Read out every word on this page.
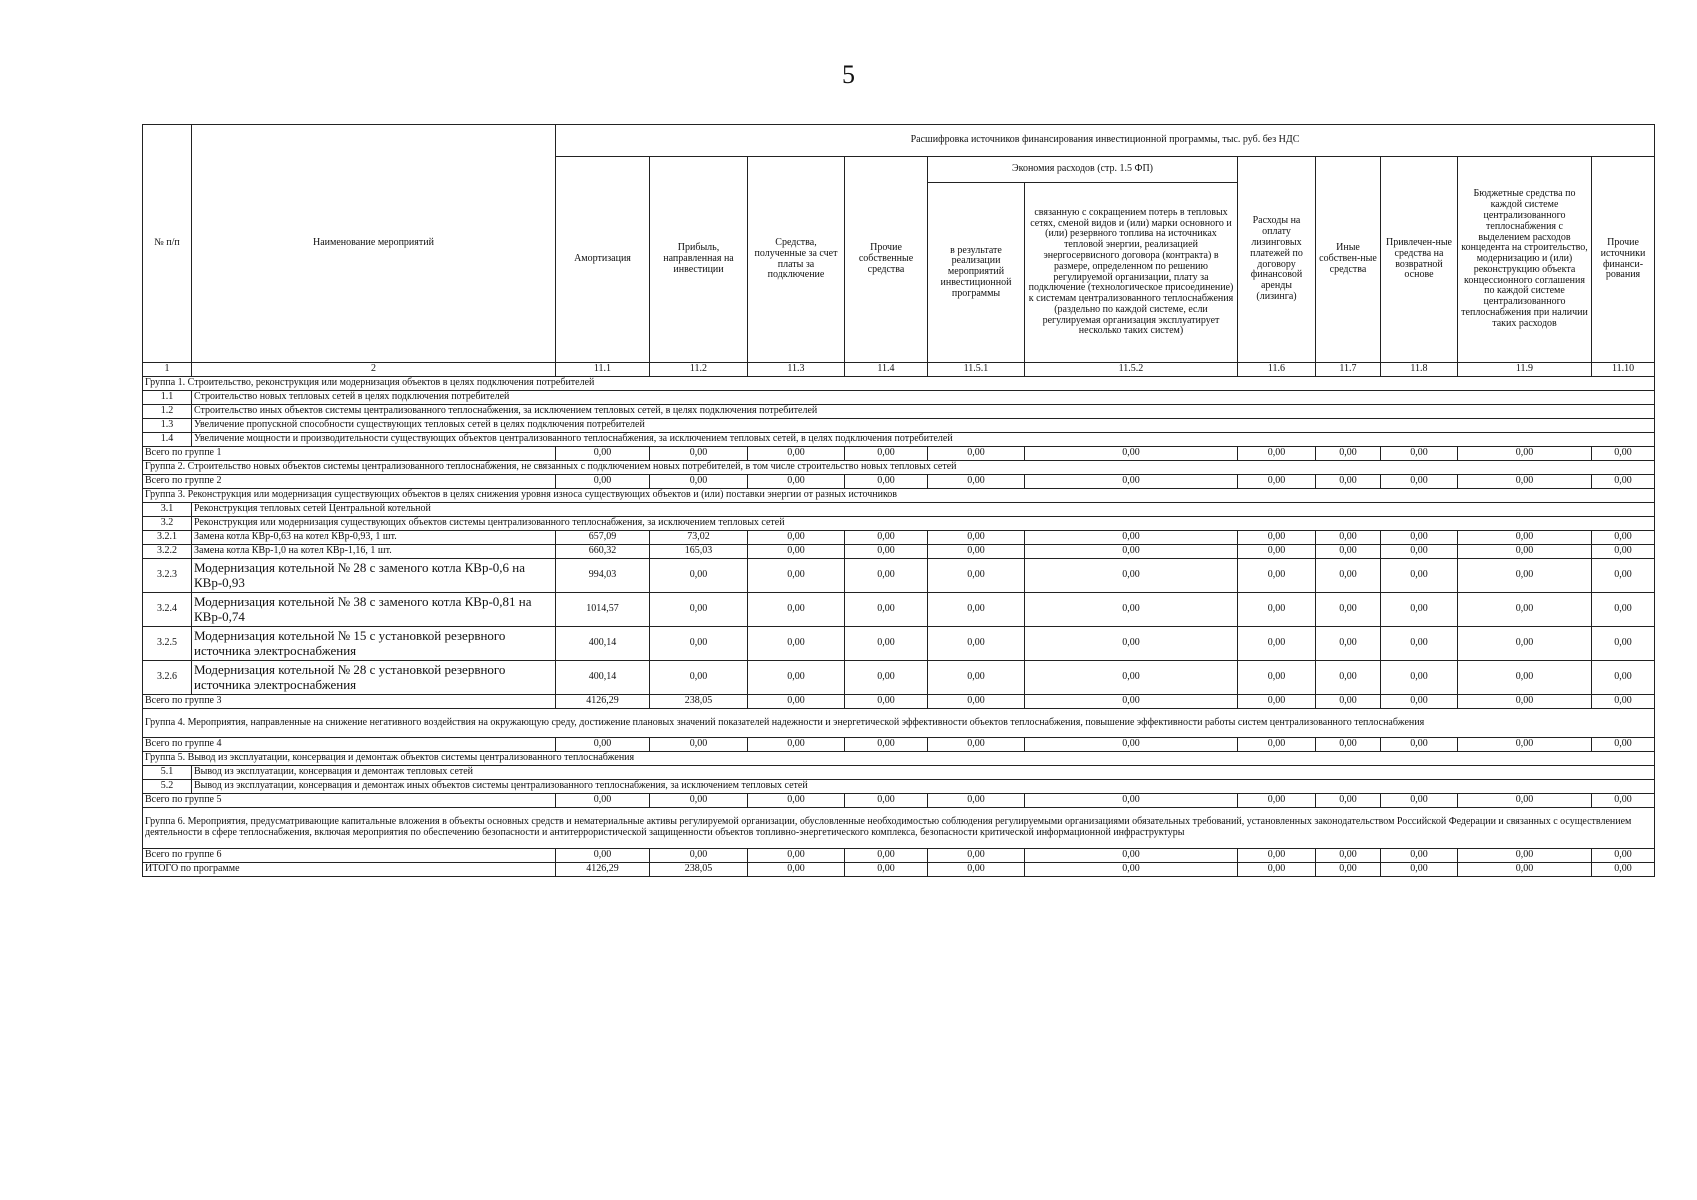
5
№ п/п	Наименование мероприятий	Расшифровка источников финансирования инвестиционной программы, тыс. руб. без НДС										
		Амортизация	Прибыль, направленная на инвестиции	Средства, полученные за счет платы за подключение	Прочие собственные средства	Экономия расходов (стр. 1.5 ФП)		Расходы на оплату лизинговых платежей по договору финансовой аренды (лизинга)	Иные собствен-ные средства	Привлечен-ные средства на возвратной основе	Бюджетные средства по каждой системе централизованного теплоснабжения с выделением расходов концедента на строительство, модернизацию и (или) реконструкцию объекта концессионного соглашения по каждой системе централизованного теплоснабжения при наличии таких расходов	Прочие источники финанси-рования
						в результате реализации мероприятий инвестиционной программы	связанную с сокращением потерь в тепловых сетях, сменой видов и (или) марки основного и (или) резервного топлива на источниках тепловой энергии, реализацией энергосервисного договора (контракта) в размере, определенном по решению регулируемой организации, плату за подключение (технологическое присоединение) к системам централизованного теплоснабжения (раздельно по каждой системе, если регулируемая организация эксплуатирует несколько таких систем)					
1	2	11.1	11.2	11.3	11.4	11.5.1	11.5.2	11.6	11.7	11.8	11.9	11.10
Группа 1. Строительство, реконструкция или модернизация объектов в целях подключения потребителей												
1.1	Строительство новых тепловых сетей в целях подключения потребителей											
1.2	Строительство иных объектов системы централизованного теплоснабжения, за исключением тепловых сетей, в целях подключения потребителей											
1.3	Увеличение пропускной способности существующих тепловых сетей в целях подключения потребителей											
1.4	Увеличение мощности и производительности существующих объектов централизованного теплоснабжения, за исключением тепловых сетей, в целях подключения потребителей											
Всего по группе 1		0,00	0,00	0,00	0,00	0,00	0,00	0,00	0,00	0,00	0,00	0,00
Группа 2. Строительство новых объектов системы централизованного теплоснабжения, не связанных с подключением новых потребителей, в том числе строительство новых тепловых сетей												
Всего по группе 2		0,00	0,00	0,00	0,00	0,00	0,00	0,00	0,00	0,00	0,00	0,00
Группа 3. Реконструкция или модернизация существующих объектов в целях снижения уровня износа существующих объектов и (или) поставки энергии от разных источников												
3.1	Реконструкция тепловых сетей Центральной котельной											
3.2	Реконструкция или модернизация существующих объектов системы централизованного теплоснабжения, за исключением тепловых сетей											
3.2.1	Замена котла КВр-0,63 на котел КВр-0,93, 1 шт.	657,09	73,02	0,00	0,00	0,00	0,00	0,00	0,00	0,00	0,00	0,00
3.2.2	Замена котла КВр-1,0 на котел КВр-1,16, 1 шт.	660,32	165,03	0,00	0,00	0,00	0,00	0,00	0,00	0,00	0,00	0,00
3.2.3	Модернизация котельной № 28 с заменого котла КВр-0,6 на КВр-0,93	994,03	0,00	0,00	0,00	0,00	0,00	0,00	0,00	0,00	0,00	0,00
3.2.4	Модернизация котельной № 38 с заменого котла КВр-0,81 на КВр-0,74	1014,57	0,00	0,00	0,00	0,00	0,00	0,00	0,00	0,00	0,00	0,00
3.2.5	Модернизация котельной № 15 с установкой резервного источника электроснабжения	400,14	0,00	0,00	0,00	0,00	0,00	0,00	0,00	0,00	0,00	0,00
3.2.6	Модернизация котельной № 28 с установкой резервного источника электроснабжения	400,14	0,00	0,00	0,00	0,00	0,00	0,00	0,00	0,00	0,00	0,00
Всего по группе 3		4126,29	238,05	0,00	0,00	0,00	0,00	0,00	0,00	0,00	0,00	0,00
Группа 4. Мероприятия, направленные на снижение негативного воздействия на окружающую среду, достижение плановых значений показателей надежности и энергетической эффективности объектов теплоснабжения, повышение эффективности работы систем централизованного теплоснабжения												
Всего по группе 4		0,00	0,00	0,00	0,00	0,00	0,00	0,00	0,00	0,00	0,00	0,00
Группа 5. Вывод из эксплуатации, консервация и демонтаж объектов системы централизованного теплоснабжения												
5.1	Вывод из эксплуатации, консервация и демонтаж тепловых сетей											
5.2	Вывод из эксплуатации, консервация и демонтаж иных объектов системы централизованного теплоснабжения, за исключением тепловых сетей											
Всего по группе 5		0,00	0,00	0,00	0,00	0,00	0,00	0,00	0,00	0,00	0,00	0,00
Группа 6. Мероприятия, предусматривающие капитальные вложения в объекты основных средств и нематериальные активы регулируемой организации, обусловленные необходимостью соблюдения регулируемыми организациями обязательных требований, установленных законодательством Российской Федерации и связанных с осуществлением деятельности в сфере теплоснабжения, включая мероприятия по обеспечению безопасности и антитеррористической защищенности объектов топливно-энергетического комплекса, безопасности критической информационной инфраструктуры												
Всего по группе 6		0,00	0,00	0,00	0,00	0,00	0,00	0,00	0,00	0,00	0,00	0,00
ИТОГО по программе		4126,29	238,05	0,00	0,00	0,00	0,00	0,00	0,00	0,00	0,00	0,00
